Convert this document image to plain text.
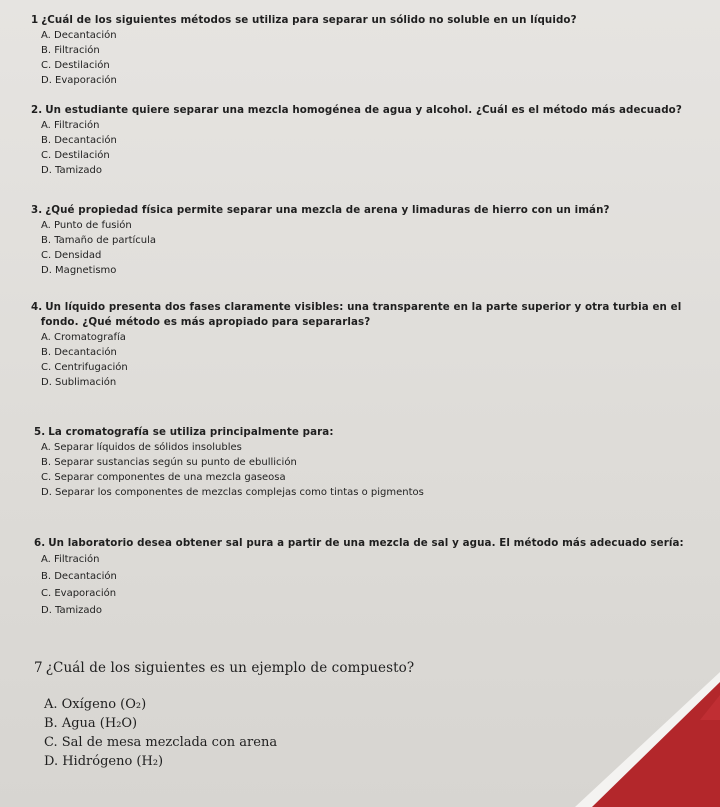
1 ¿Cuál de los siguientes métodos se utiliza para separar un sólido no soluble en un líquido?
A. Decantación
B. Filtración
C. Destilación
D. Evaporación
2. Un estudiante quiere separar una mezcla homogénea de agua y alcohol. ¿Cuál es el método más adecuado?
A. Filtración
B. Decantación
C. Destilación
D. Tamizado
3. ¿Qué propiedad física permite separar una mezcla de arena y limaduras de hierro con un imán?
A. Punto de fusión
B. Tamaño de partícula
C. Densidad
D. Magnetismo
4. Un líquido presenta dos fases claramente visibles: una transparente en la parte superior y otra turbia en el
fondo. ¿Qué método es más apropiado para separarlas?
A. Cromatografía
B. Decantación
C. Centrifugación
D. Sublimación
5. La cromatografía se utiliza principalmente para:
A. Separar líquidos de sólidos insolubles
B. Separar sustancias según su punto de ebullición
C. Separar componentes de una mezcla gaseosa
D. Separar los componentes de mezclas complejas como tintas o pigmentos
6. Un laboratorio desea obtener sal pura a partir de una mezcla de sal y agua. El método más adecuado sería:
A. Filtración
B. Decantación
C. Evaporación
D. Tamizado
7 ¿Cuál de los siguientes es un ejemplo de compuesto?
A. Oxígeno (O₂)
B. Agua (H₂O)
C. Sal de mesa mezclada con arena
D. Hidrógeno (H₂)
